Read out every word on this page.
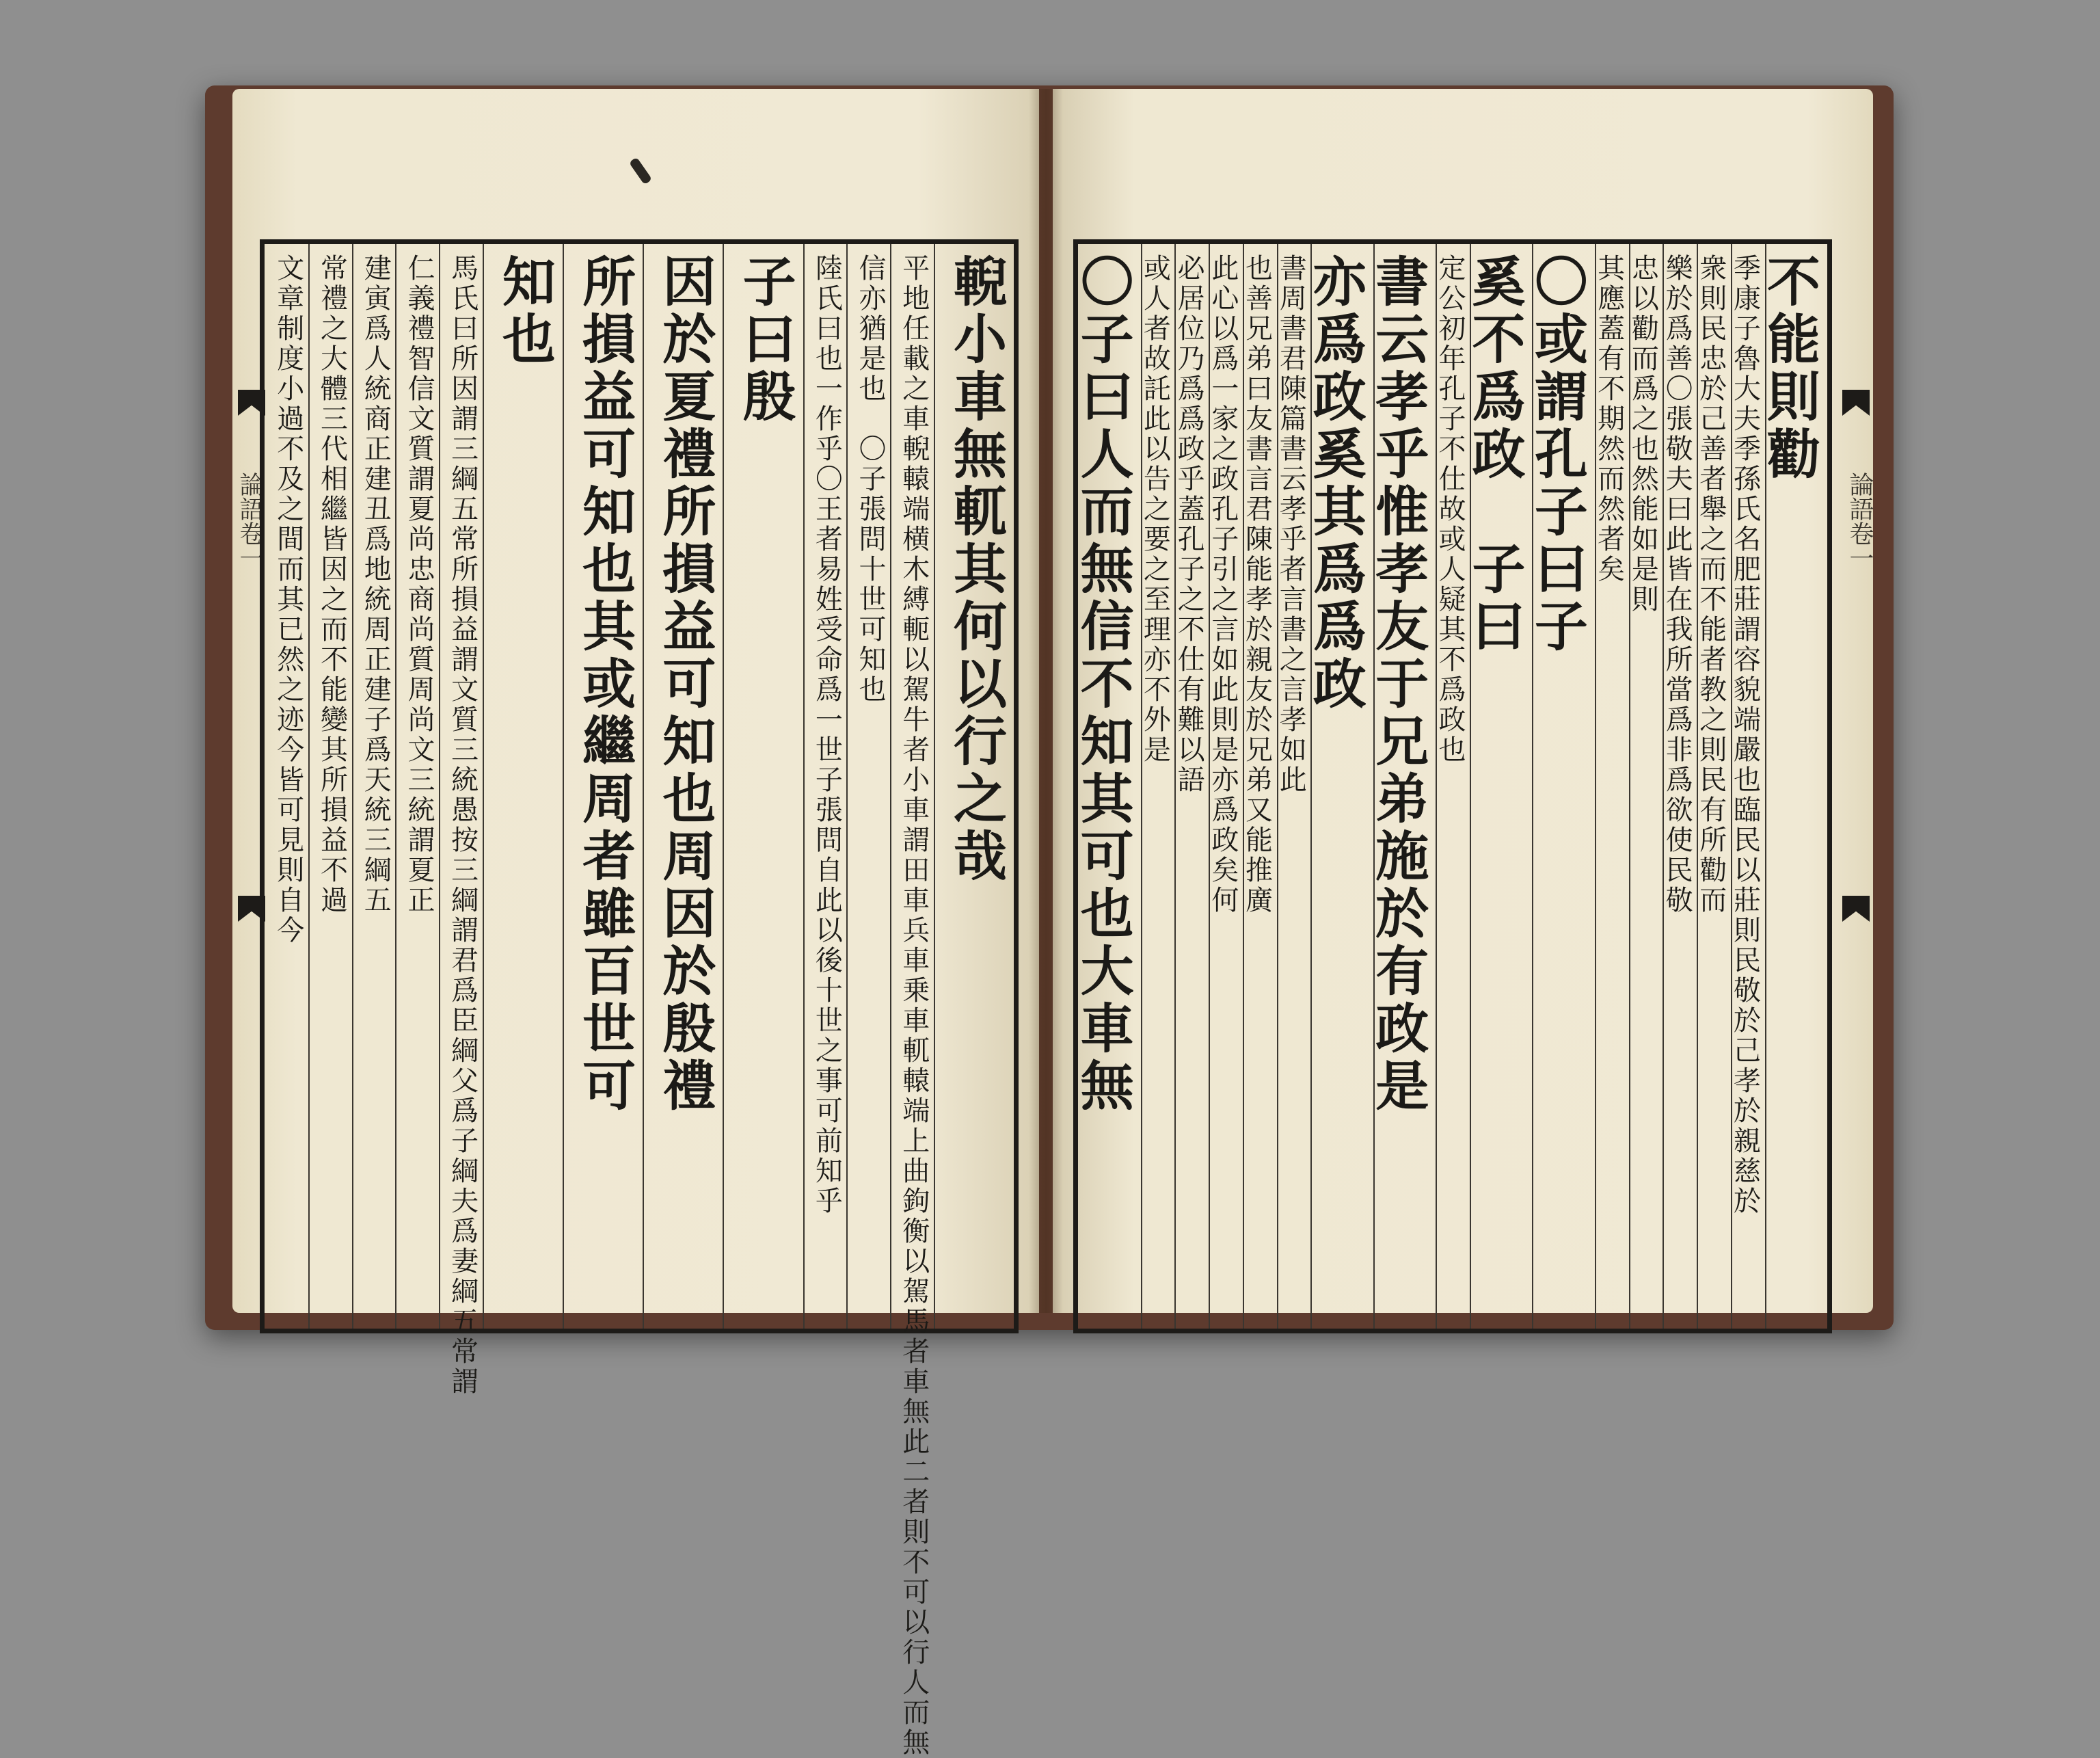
論語卷一	輗小車無軏其何以行之哉
平地任載之車輗轅端横木縛軛以駕牛者小車謂田車兵車乗車軏轅端上曲鉤衡以駕馬者車無此二者則不可以行人而無
信亦猶是也　〇子張問十世可知也
陸氏曰也一作乎〇王者易姓受命爲一世子張問自此以後十世之事可前知乎
子曰殷
因於夏禮所損益可知也周因於殷禮
所損益可知也其或繼周者雖百世可
知也
馬氏曰所因謂三綱五常所損益謂文質三統愚按三綱謂君爲臣綱父爲子綱夫爲妻綱五常謂
仁義禮智信文質謂夏尚忠商尚質周尚文三統謂夏正
建寅爲人統商正建丑爲地統周正建子爲天統三綱五
常禮之大體三代相繼皆因之而不能變其所損益不過
文章制度小過不及之間而其已然之迹今皆可見則自今	論語卷一
不能則勸
季康子魯大夫季孫氏名肥莊謂容貌端嚴也臨民以莊則民敬於己孝於親慈於
衆則民忠於己善者舉之而不能者教之則民有所勸而
樂於爲善〇張敬夫曰此皆在我所當爲非爲欲使民敬
忠以勸而爲之也然能如是則
其應蓋有不期然而然者矣
〇或謂孔子曰子
奚不爲政　子曰
定公初年孔子不仕故或人疑其不爲政也
書云孝乎惟孝友于兄弟施於有政是
亦爲政奚其爲爲政
書周書君陳篇書云孝乎者言書之言孝如此
也善兄弟曰友書言君陳能孝於親友於兄弟又能推廣
此心以爲一家之政孔子引之言如此則是亦爲政矣何
必居位乃爲爲政乎蓋孔子之不仕有難以語
或人者故託此以告之要之至理亦不外是
〇子曰人而無信不知其可也大車無
